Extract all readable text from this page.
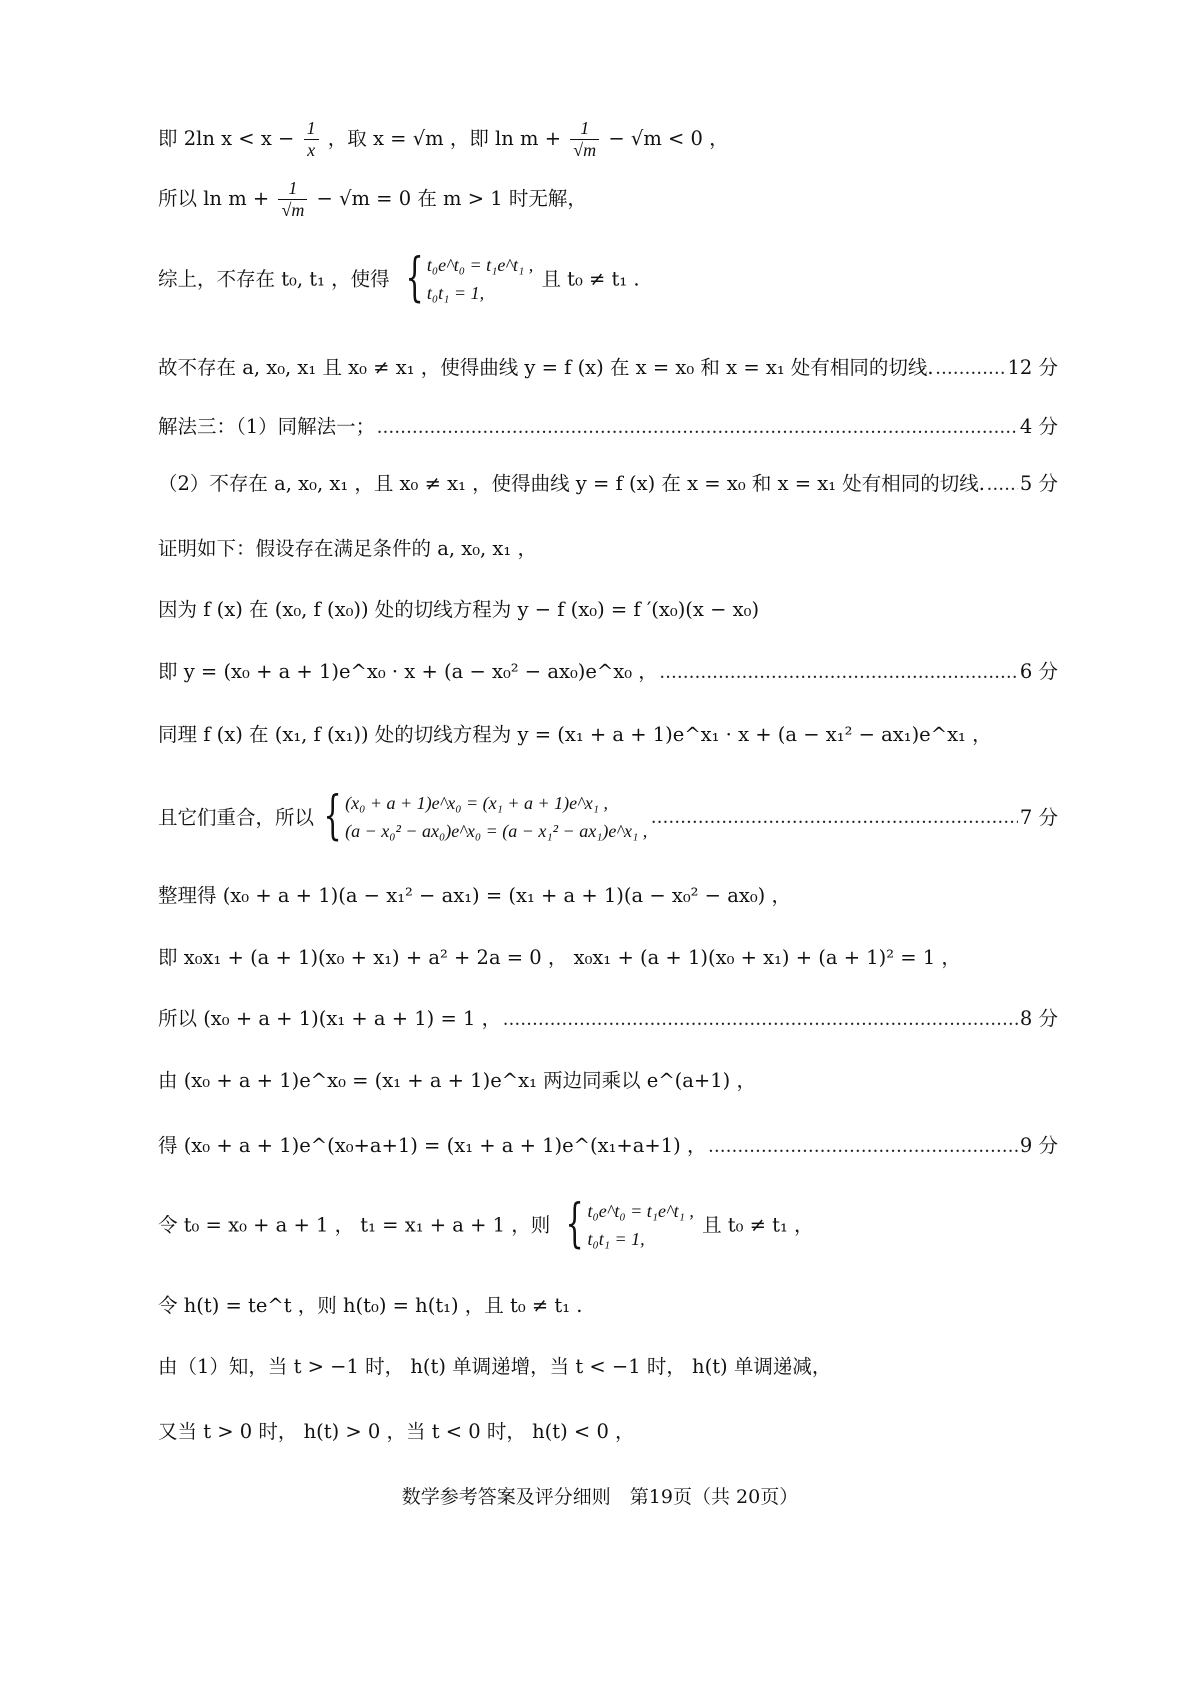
即 2ln $x < x - \frac{1}{x}$ ，取 x = √m ，即 $\ln m + \frac{1}{√m} - √m < 0$ ，
所以 $\ln m + \frac{1}{√m} - √m = 0$ 在 m > 1 时无解，
综上，不存在 t₀, t₁ ，使得 { t₀e^t₀ = t₁e^t₁ ,
t₀t₁ = 1,
且 t₀ ≠ t₁ .
故不存在 a, x₀, x₁ 且 x₀ ≠ x₁ ，使得曲线 y = f (x) 在 x = x₀ 和 x = x₁ 处有相同的切线. .....	12 分
解法三：（1）同解法一； .....	4 分
（2）不存在 a, x₀, x₁ ，且 x₀ ≠ x₁ ，使得曲线 y = f (x) 在 x = x₀ 和 x = x₁ 处有相同的切线. ..... 5 分
证明如下：假设存在满足条件的 a, x₀, x₁ ，
因为 f (x) 在 (x₀, f (x₀)) 处的切线方程为 y − f (x₀) = f ′(x₀)(x − x₀)
即 y = (x₀ + a + 1)e^x₀ · x + (a − x₀² − ax₀)e^x₀ ， .....	6 分
同理 f (x) 在 (x₁, f (x₁)) 处的切线方程为 y = (x₁ + a + 1)e^x₁ · x + (a − x₁² − ax₁)e^x₁ ，
且它们重合，所以 { (x₀ + a + 1)e^x₀ = (x₁ + a + 1)e^x₁ ,
(a − x₀² − ax₀)e^x₀ = (a − x₁² − ax₁)e^x₁ ,
.....
7 分
整理得 (x₀ + a + 1)(a − x₁² − ax₁) = (x₁ + a + 1)(a − x₀² − ax₀) ，
即 x₀x₁ + (a + 1)(x₀ + x₁) + a² + 2a = 0 ， x₀x₁ + (a + 1)(x₀ + x₁) + (a + 1)² = 1 ，
所以 (x₀ + a + 1)(x₁ + a + 1) = 1 ， .....	8 分
由 (x₀ + a + 1)e^x₀ = (x₁ + a + 1)e^x₁ 两边同乘以 e^(a+1) ，
得 (x₀ + a + 1)e^(x₀+a+1) = (x₁ + a + 1)e^(x₁+a+1) ， .....	9 分
令 t₀ = x₀ + a + 1 ， t₁ = x₁ + a + 1 ，则 { t₀e^t₀ = t₁e^t₁ ,
t₀t₁ = 1,
且 t₀ ≠ t₁ ，
令 h(t) = te^t ，则 h(t₀) = h(t₁) ，且 t₀ ≠ t₁ .
由（1）知，当 t > −1 时， h(t) 单调递增，当 t < −1 时， h(t) 单调递减，
又当 t > 0 时， h(t) > 0 ，当 t < 0 时， h(t) < 0 ，
数学参考答案及评分细则　第19页（共 20页）
